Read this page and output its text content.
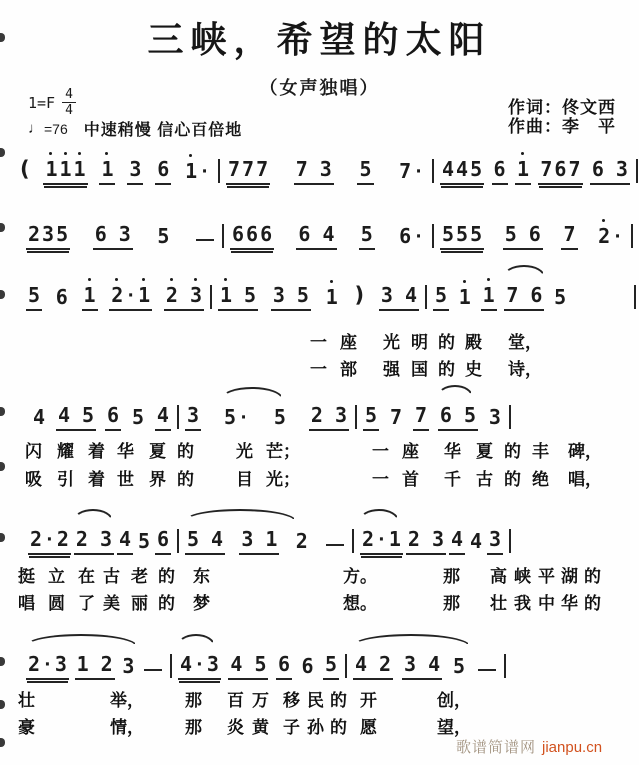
三峡，希望的太阳
（女声独唱）
$1=F \frac{4}{4}$
♩ =76 中速稍慢 信心百倍地
作词：佟文西
作曲：李　平
( 1 1 1 1 3 6 1 · 7 7 7 7 3 5 7 · 4 4 5 6 1 7 6 7 6 3
2 3 5 6 3 5	6 6 6 6 4 5 6 · 5 5 5 5 6 7 2 ·
5 6 1 2 · 1 2 3 1 5 3 5 1 ) 3 4 5 1 1 7 6 5
4 4 5 6 5 4 3 5 · 5 2 3 5 7 7 6 5 3
2 · 2 2 3 4 5 6 5 4 3 1 2	2 · 1 2 3 4 4 3
2 · 3 1 2 3 4 · 3 4 5 6 6 5 4 2 3 4 5
一 座 光 明 的 殿 堂，
一 部 强 国 的 史 诗，
闪 耀 着 华 夏 的 光 芒；	一 座 华 夏 的 丰 碑，
吸 引 着 世 界 的 目 光；	一 首 千 古 的 绝 唱，
挺 立 在 古 老 的 东	方。	那 高 峡 平 湖 的
唱 圆 了 美 丽 的 梦	想。	那 壮 我 中 华 的
壮	举， 那 百 万 移 民 的 开	创，
豪	情， 那 炎 黄 子 孙 的 愿	望，
歌谱简谱网 jianpu.cn
